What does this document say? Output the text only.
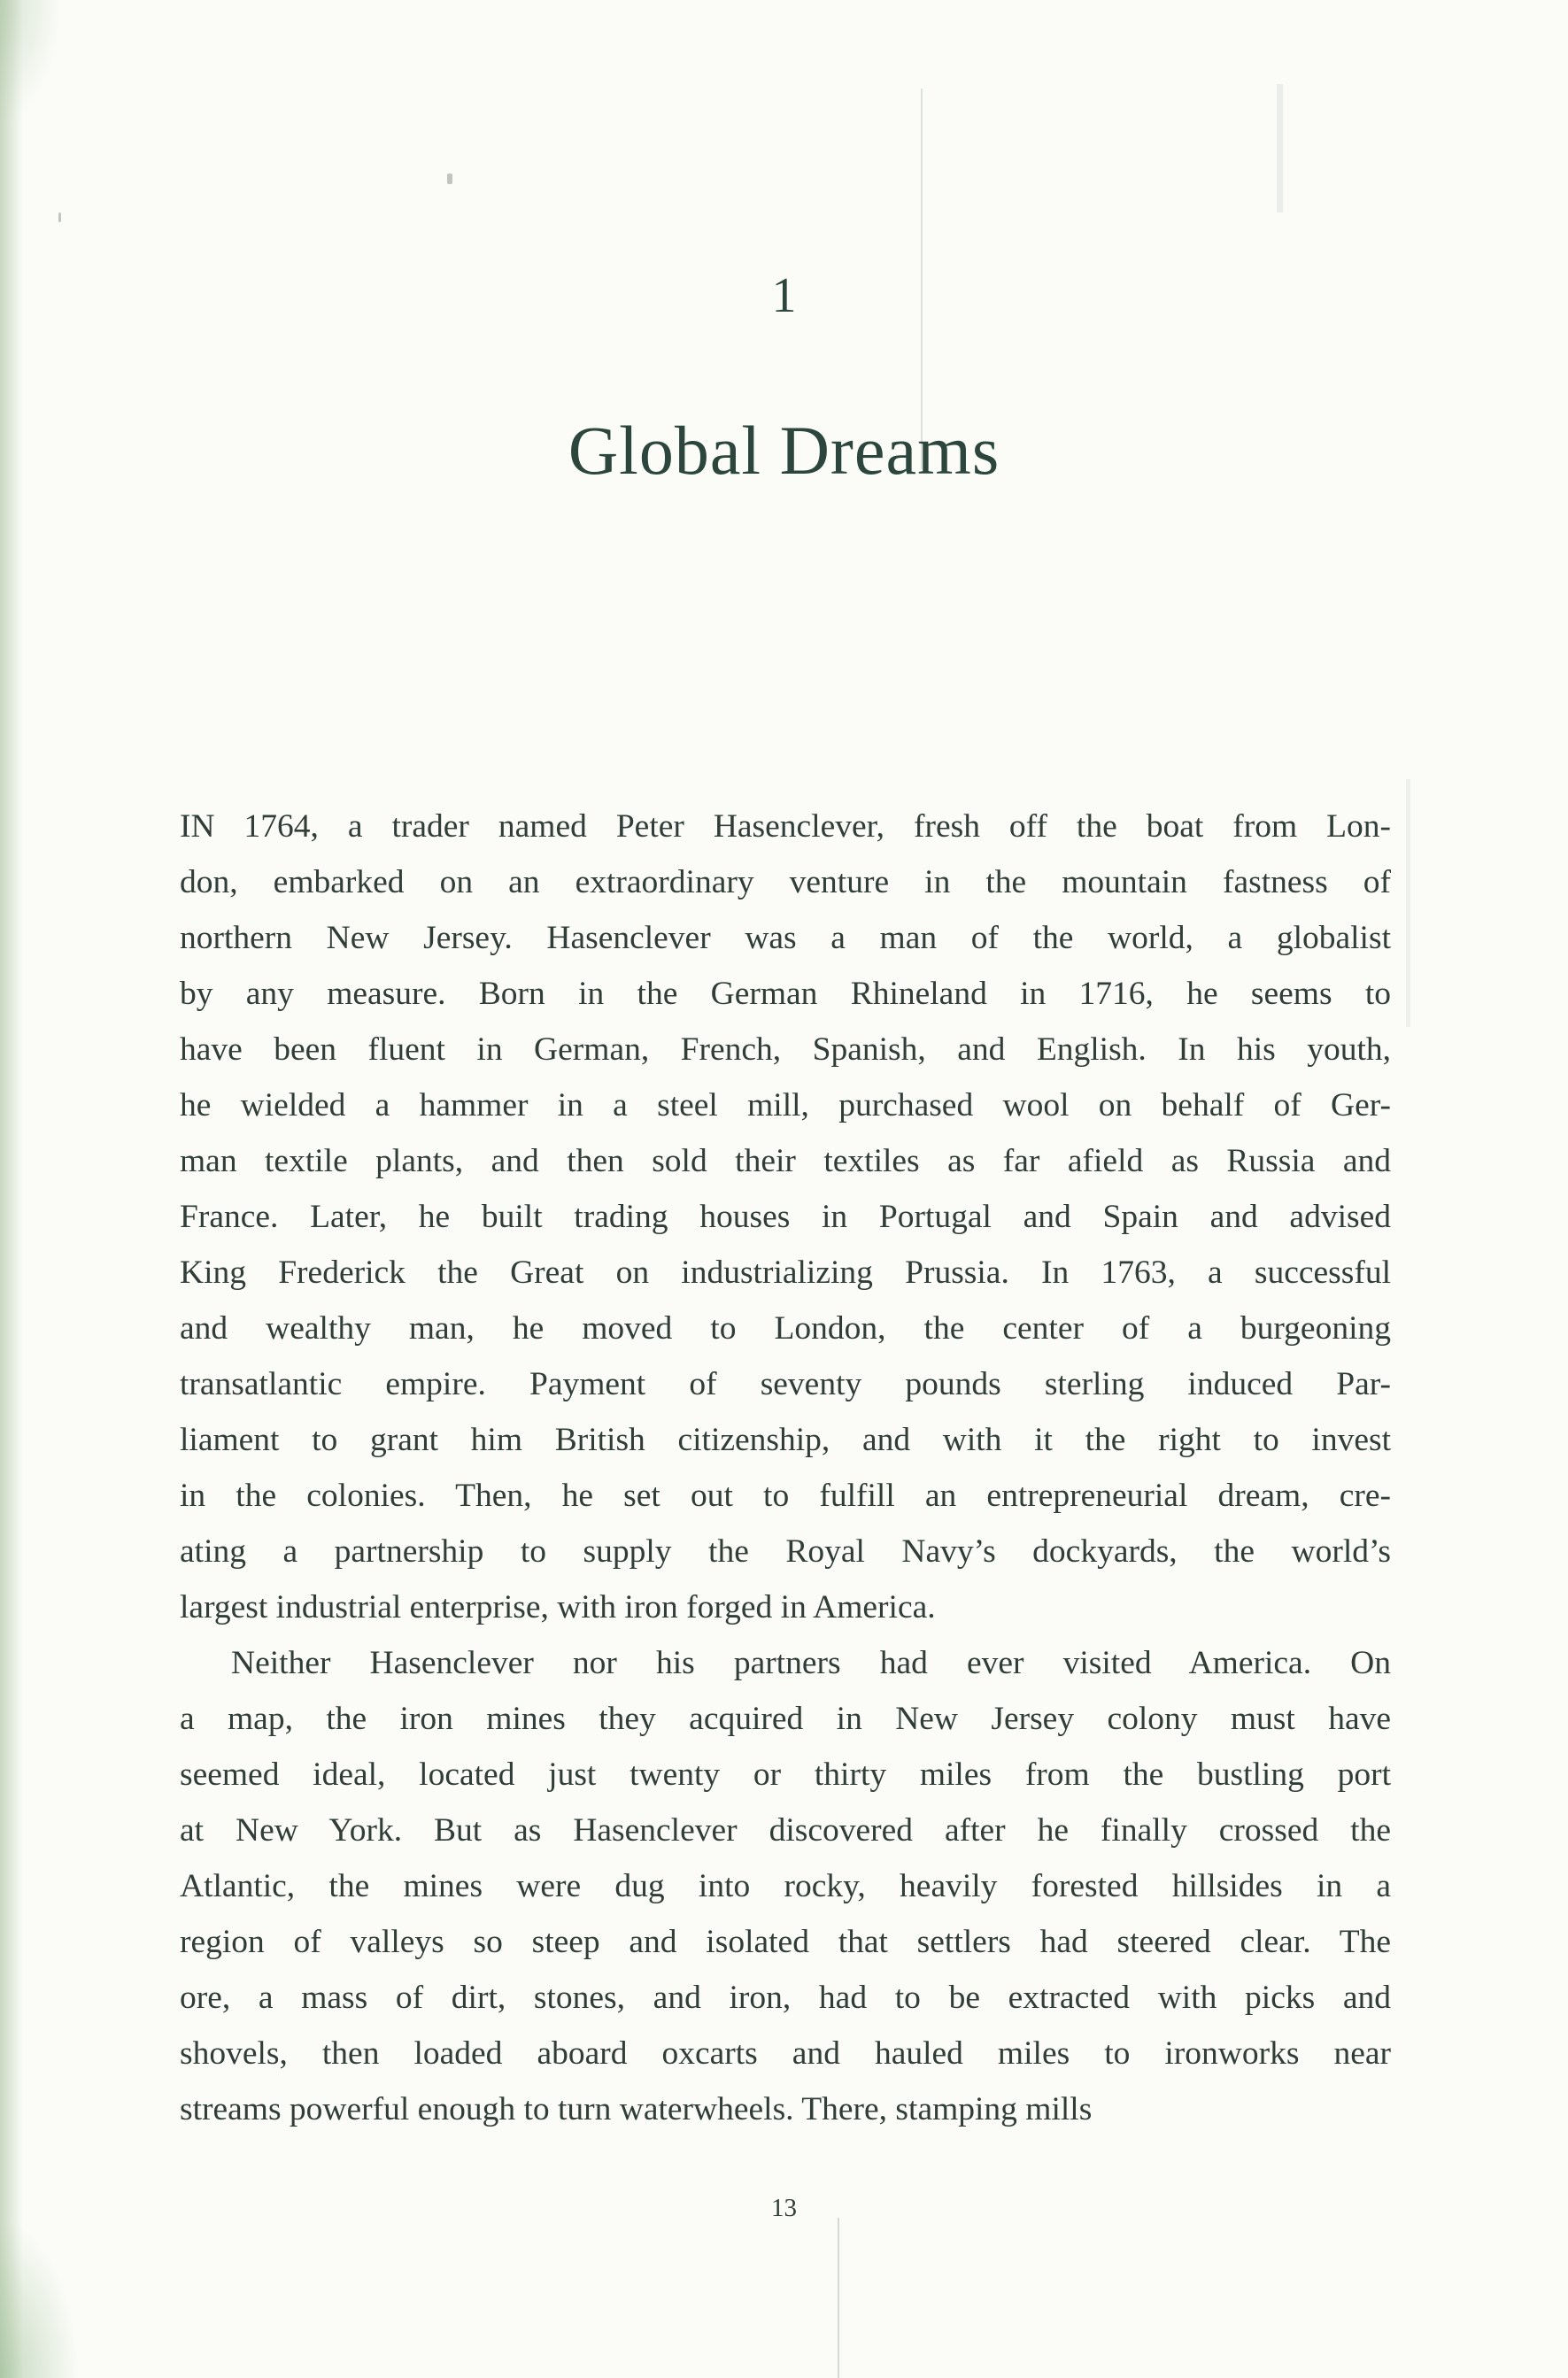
1
Global Dreams
IN 1764, a trader named Peter Hasenclever, fresh off the boat from Lon-
don, embarked on an extraordinary venture in the mountain fastness of
northern New Jersey. Hasenclever was a man of the world, a globalist
by any measure. Born in the German Rhineland in 1716, he seems to
have been fluent in German, French, Spanish, and English. In his youth,
he wielded a hammer in a steel mill, purchased wool on behalf of Ger-
man textile plants, and then sold their textiles as far afield as Russia and
France. Later, he built trading houses in Portugal and Spain and advised
King Frederick the Great on industrializing Prussia. In 1763, a successful
and wealthy man, he moved to London, the center of a burgeoning
transatlantic empire. Payment of seventy pounds sterling induced Par-
liament to grant him British citizenship, and with it the right to invest
in the colonies. Then, he set out to fulfill an entrepreneurial dream, cre-
ating a partnership to supply the Royal Navy’s dockyards, the world’s
largest industrial enterprise, with iron forged in America.
Neither Hasenclever nor his partners had ever visited America. On
a map, the iron mines they acquired in New Jersey colony must have
seemed ideal, located just twenty or thirty miles from the bustling port
at New York. But as Hasenclever discovered after he finally crossed the
Atlantic, the mines were dug into rocky, heavily forested hillsides in a
region of valleys so steep and isolated that settlers had steered clear. The
ore, a mass of dirt, stones, and iron, had to be extracted with picks and
shovels, then loaded aboard oxcarts and hauled miles to ironworks near
streams powerful enough to turn waterwheels. There, stamping mills
13
